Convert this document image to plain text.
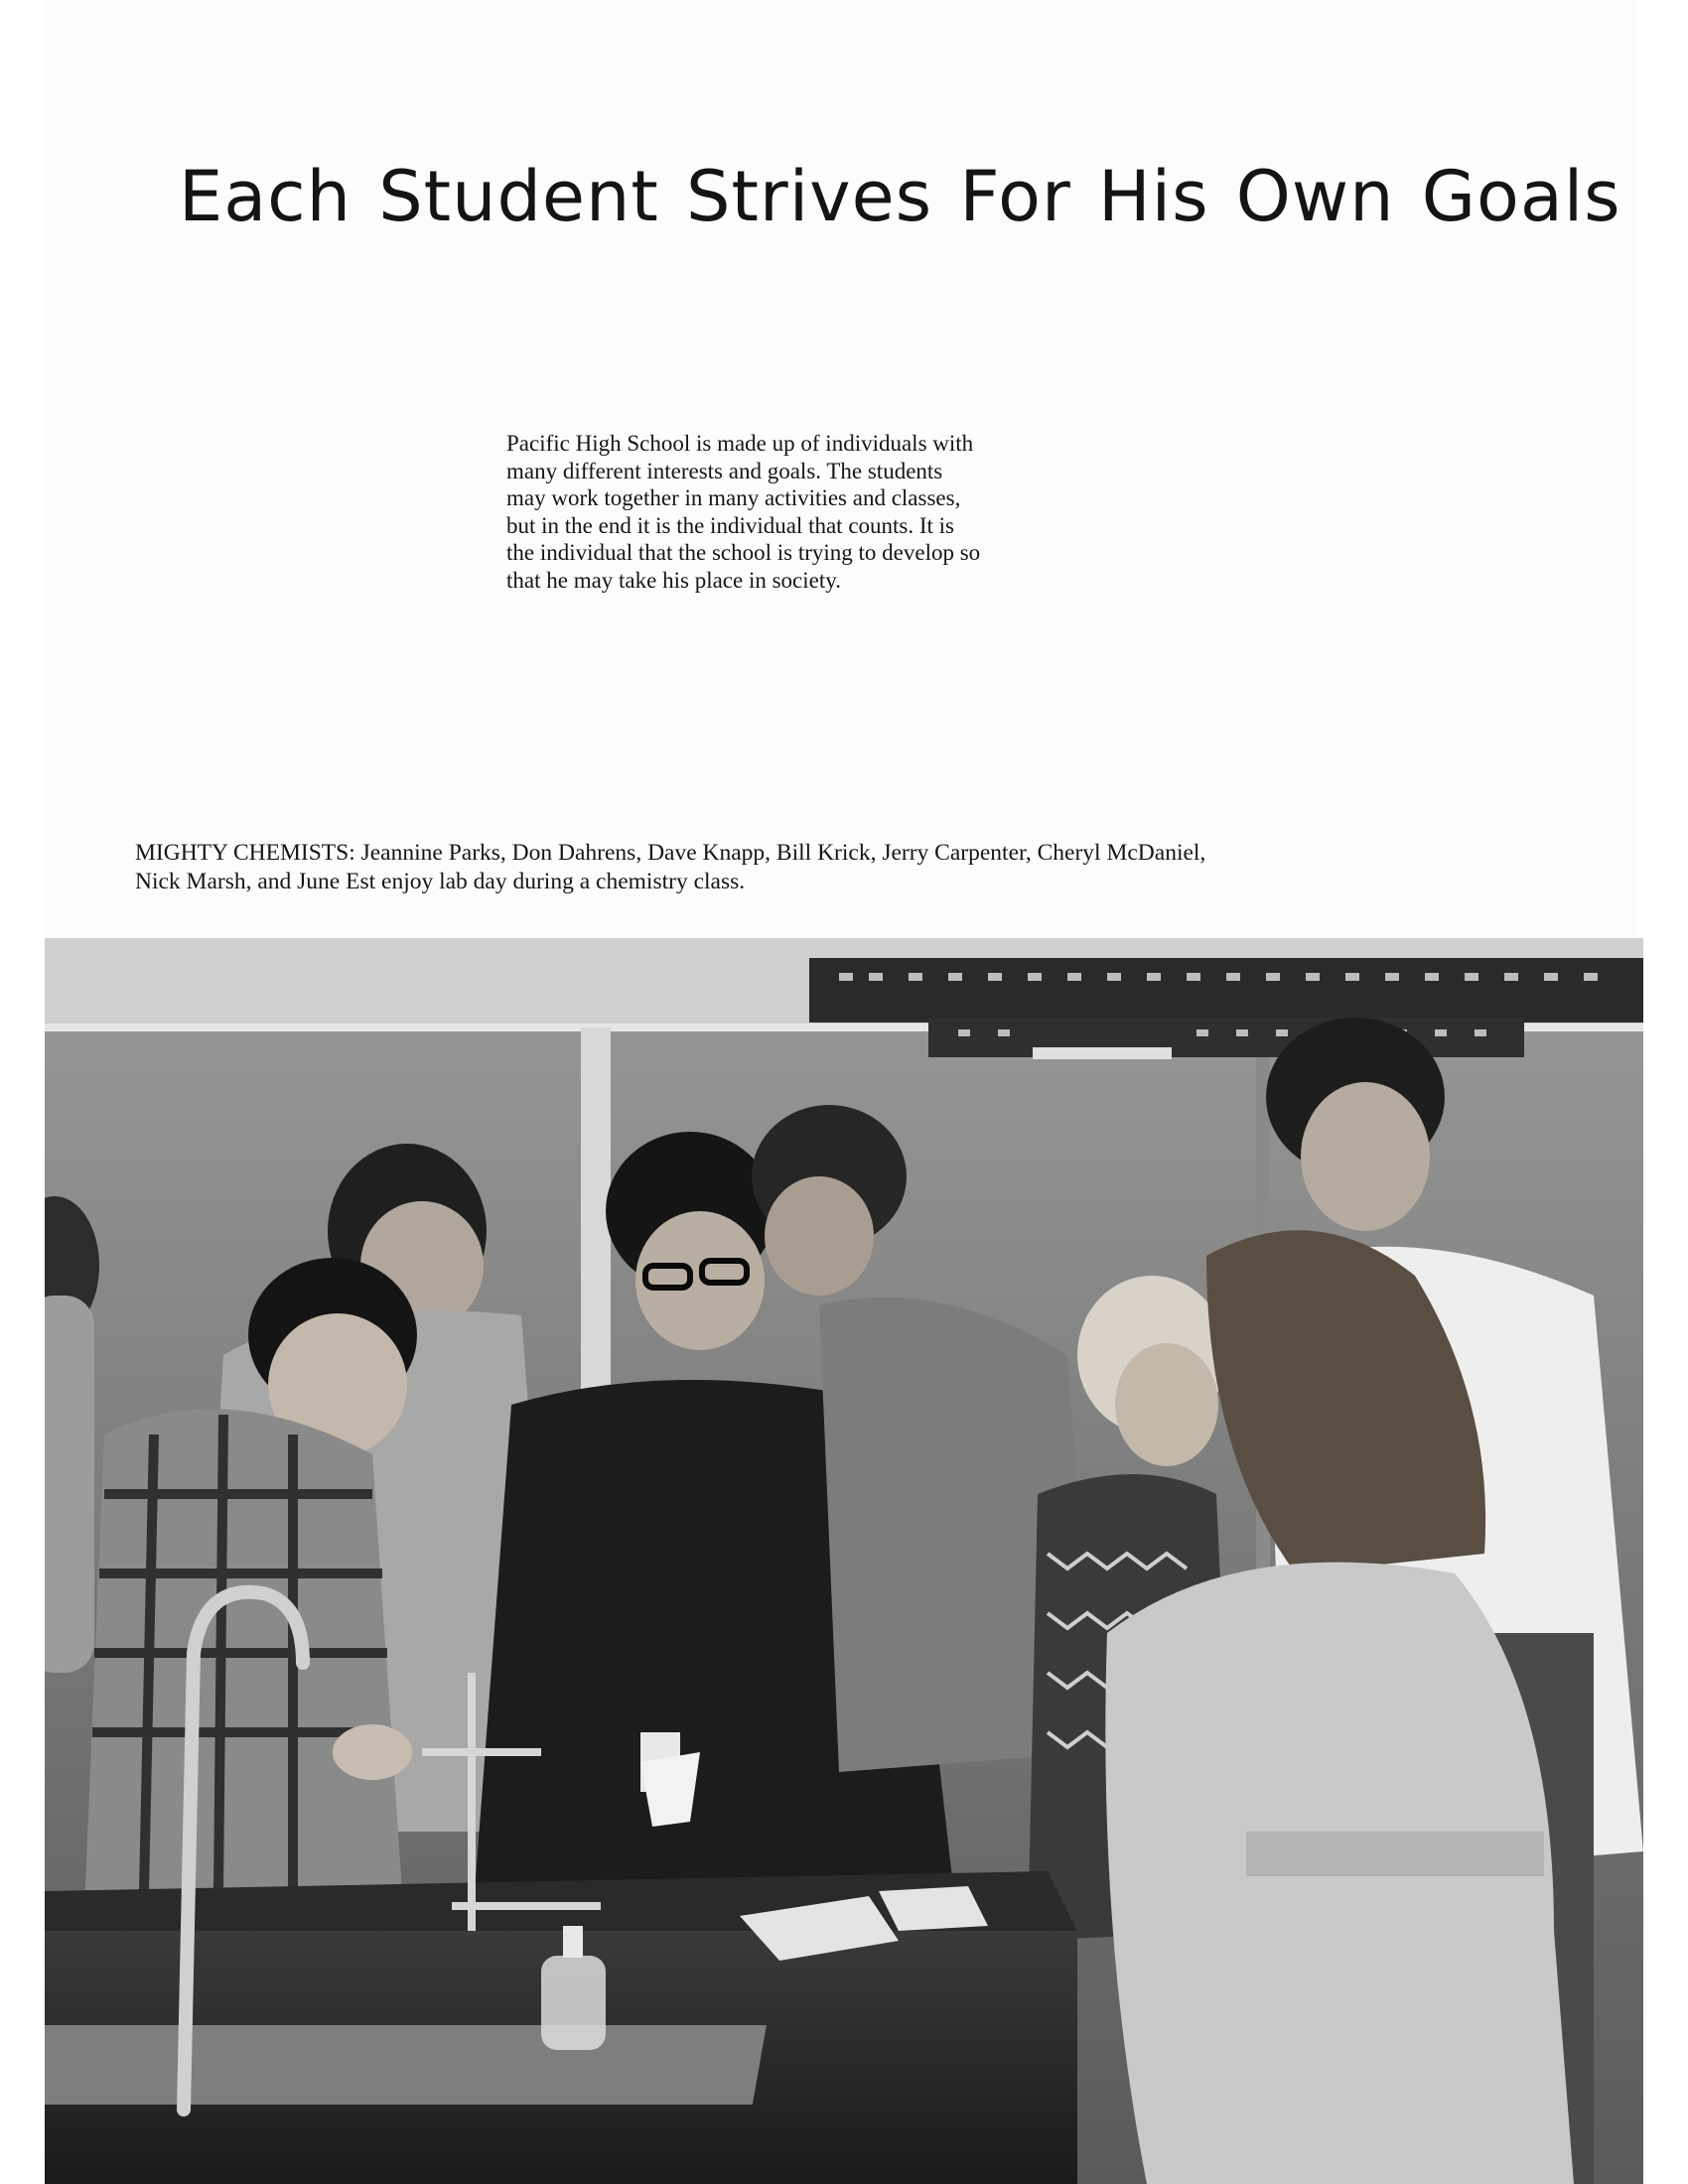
Each Student Strives For His Own Goals
Pacific High School is made up of individuals with
many different interests and goals. The students
may work together in many activities and classes,
but in the end it is the individual that counts. It is
the individual that the school is trying to develop so
that he may take his place in society.
MIGHTY CHEMISTS: Jeannine Parks, Don Dahrens, Dave Knapp, Bill Krick, Jerry Carpenter, Cheryl McDaniel,
Nick Marsh, and June Est enjoy lab day during a chemistry class.
